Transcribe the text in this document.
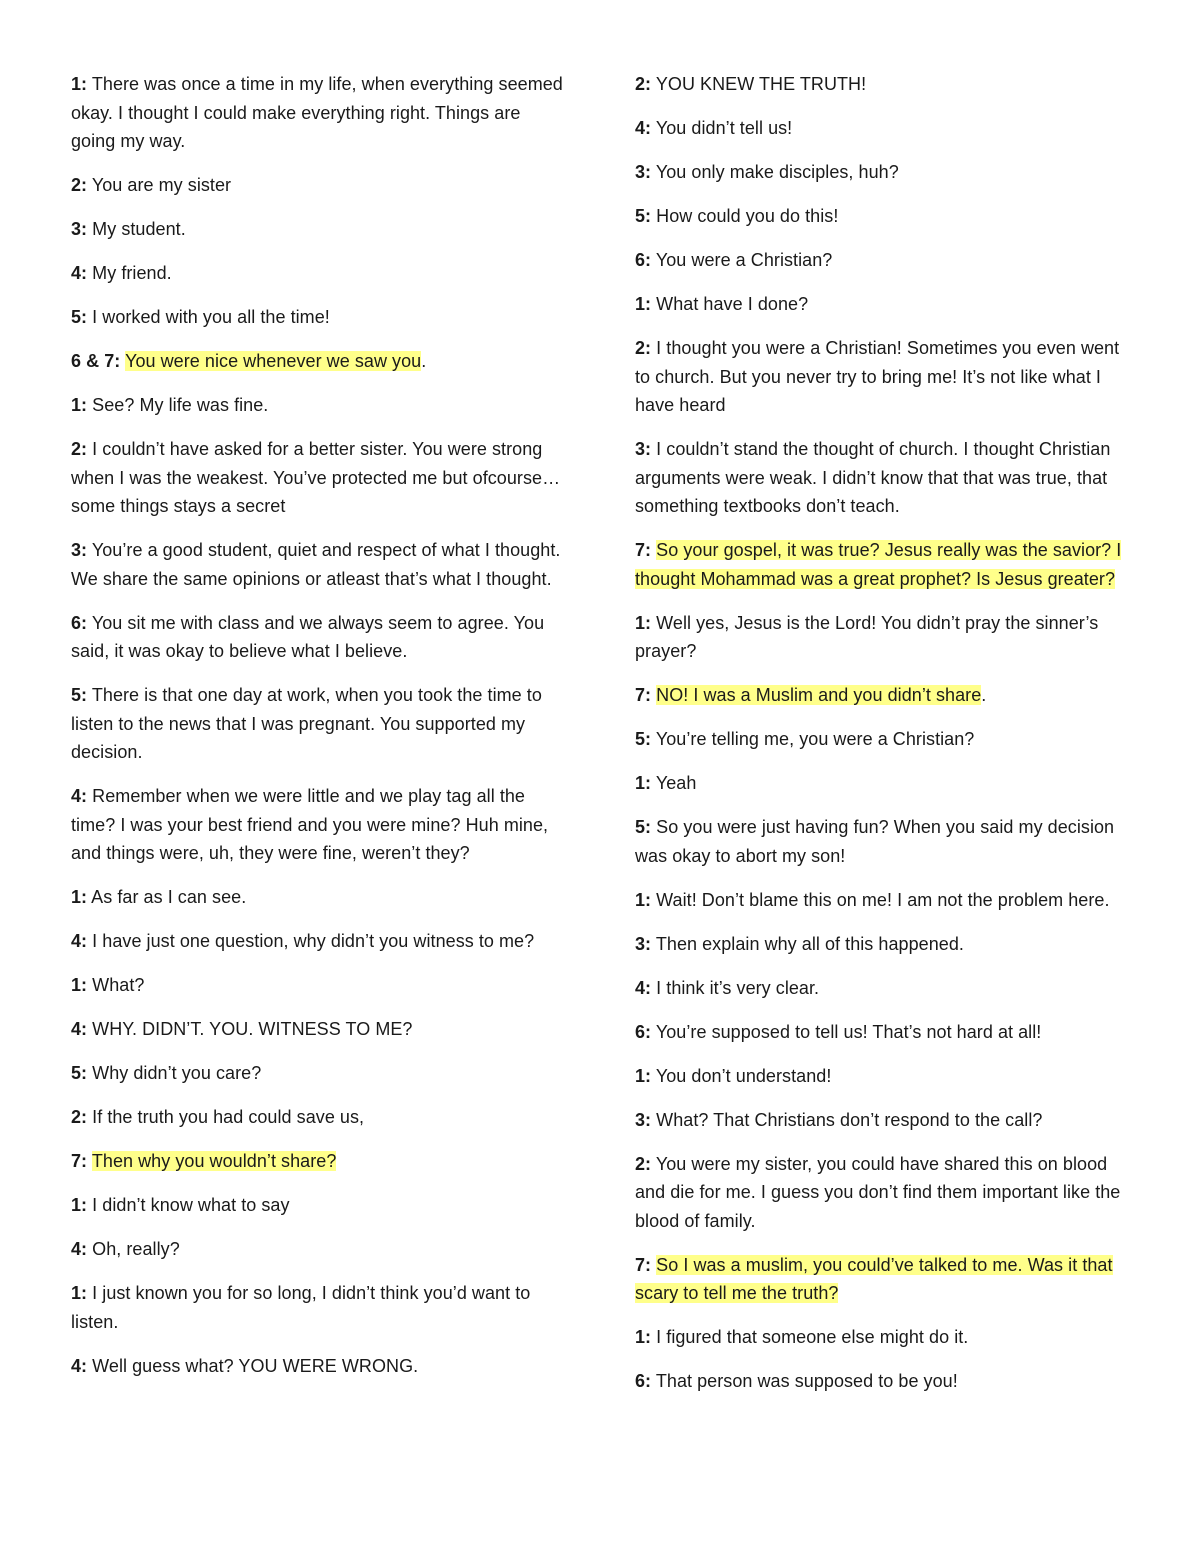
1: There was once a time in my life, when everything seemed okay. I thought I could make everything right. Things are going my way.

2: You are my sister

3: My student.

4: My friend.

5: I worked with you all the time!

6 & 7: You were nice whenever we saw you.

1: See? My life was fine.

2: I couldn’t have asked for a better sister. You were strong when I was the weakest. You’ve protected me but ofcourse… some things stays a secret

3: You’re a good student, quiet and respect of what I thought. We share the same opinions or atleast that’s what I thought.

6: You sit me with class and we always seem to agree. You said, it was okay to believe what I believe.

5: There is that one day at work, when you took the time to listen to the news that I was pregnant. You supported my decision.

4: Remember when we were little and we play tag all the time? I was your best friend and you were mine? Huh mine, and things were, uh, they were fine, weren’t they?

1: As far as I can see.

4: I have just one question, why didn’t you witness to me?

1: What?

4: WHY. DIDN’T. YOU. WITNESS TO ME?

5: Why didn’t you care?

2: If the truth you had could save us,

7: Then why you wouldn’t share?

1: I didn’t know what to say

4: Oh, really?

1: I just known you for so long, I didn’t think you’d want to listen.

4: Well guess what? YOU WERE WRONG.

2: YOU KNEW THE TRUTH!

4: You didn’t tell us!

3: You only make disciples, huh?

5: How could you do this!

6: You were a Christian?

1: What have I done?

2: I thought you were a Christian! Sometimes you even went to church. But you never try to bring me! It’s not like what I have heard

3: I couldn’t stand the thought of church. I thought Christian arguments were weak. I didn’t know that that was true, that something textbooks don’t teach.

7: So your gospel, it was true? Jesus really was the savior? I thought Mohammad was a great prophet? Is Jesus greater?

1: Well yes, Jesus is the Lord! You didn’t pray the sinner’s prayer?

7: NO! I was a Muslim and you didn’t share.

5: You’re telling me, you were a Christian?

1: Yeah

5: So you were just having fun? When you said my decision was okay to abort my son!

1: Wait! Don’t blame this on me! I am not the problem here.

3: Then explain why all of this happened.

4: I think it’s very clear.

6: You’re supposed to tell us! That’s not hard at all!

1: You don’t understand!

3: What? That Christians don’t respond to the call?

2: You were my sister, you could have shared this on blood and die for me. I guess you don’t find them important like the blood of family.

7: So I was a muslim, you could’ve talked to me. Was it that scary to tell me the truth?

1: I figured that someone else might do it.

6: That person was supposed to be you!
